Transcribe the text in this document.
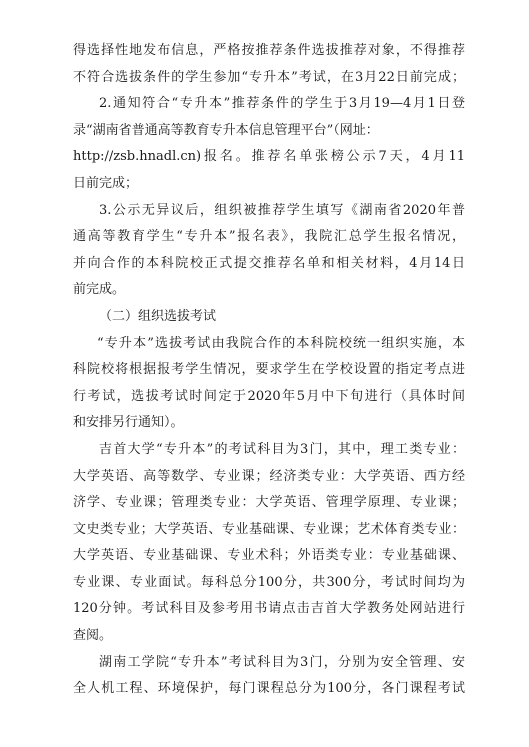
得选择性地发布信息，严格按推荐条件选拔推荐对象，不得推荐
不符合选拔条件的学生参加“专升本”考试，在3月22日前完成；
2.通知符合“专升本”推荐条件的学生于3月19—4月1日登
录“湖南省普通高等教育专升本信息管理平台”（网址：
http://zsb.hnadl.cn)报名。推荐名单张榜公示7天，4月11
日前完成；
3.公示无异议后，组织被推荐学生填写《湖南省2020年普
通高等教育学生“专升本”报名表》，我院汇总学生报名情况，
并向合作的本科院校正式提交推荐名单和相关材料，4月14日
前完成。
（二）组织选拔考试
“专升本”选拔考试由我院合作的本科院校统一组织实施，本
科院校将根据报考学生情况，要求学生在学校设置的指定考点进
行考试，选拔考试时间定于2020年5月中下旬进行（具体时间
和安排另行通知）。
吉首大学“专升本”的考试科目为3门，其中，理工类专业：
大学英语、高等数学、专业课；经济类专业：大学英语、西方经
济学、专业课；管理类专业：大学英语、管理学原理、专业课；
文史类专业；大学英语、专业基础课、专业课；艺术体育类专业：
大学英语、专业基础课、专业术科；外语类专业：专业基础课、
专业课、专业面试。每科总分100分，共300分，考试时间均为
120分钟。考试科目及参考用书请点击吉首大学教务处网站进行
查阅。
湖南工学院“专升本”考试科目为3门，分别为安全管理、安
全人机工程、环境保护，每门课程总分为100分，各门课程考试
